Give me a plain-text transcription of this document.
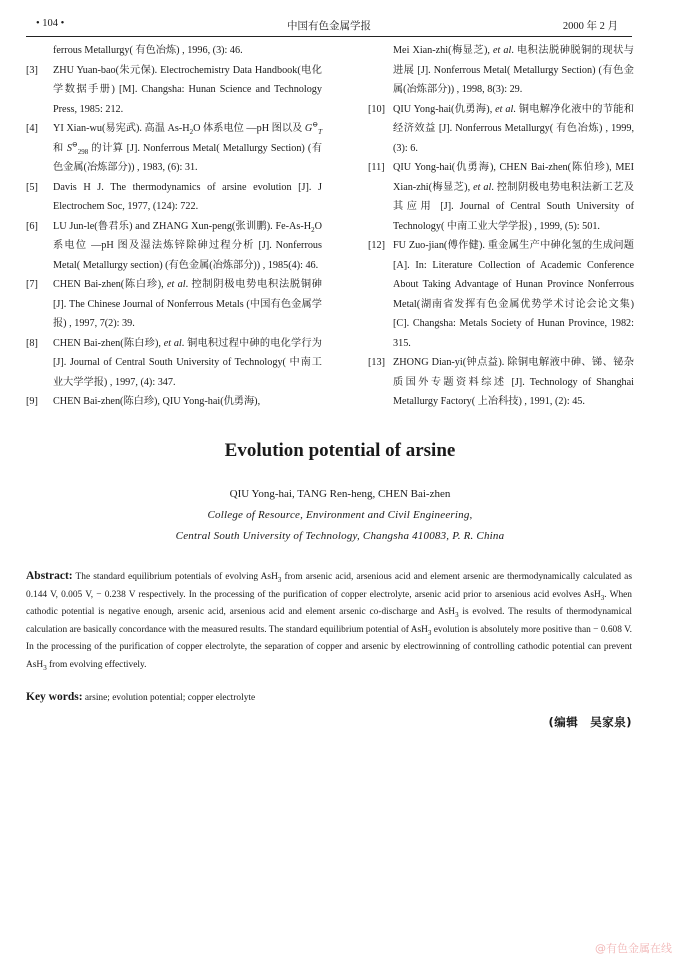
• 104 •	中国有色金属学报	2000 年 2 月
ferrous Metallurgy( 有色冶炼) , 1996, (3): 46.
[3] ZHU Yuan-bao(朱元保). Electrochemistry Data Handbook(电化学数据手册) [M]. Changsha: Hunan Science and Technology Press, 1985: 212.
[4] YI Xian-wu(易宪武). 高温 $As-H_2O$ 体系电位 —pH 图以及 $G^⊖_T$ 和 $S^⊖_{298}$ 的计算 [J]. Nonferrous Metal( Metallurgy Section) (有色金属(冶炼部分)) , 1983, (6): 31.
[5] Davis H J. The thermodynamics of arsine evolution [J]. J Electrochem Soc, 1977, (124): 722.
[6] LU Jun-le(鲁君乐) and ZHANG Xun-peng(张训鹏). $Fe-As-H_2O$ 系电位 —pH 图及湿法炼锌除砷过程分析 [J]. Nonferrous Metal( Metallurgy section) (有色金属(冶炼部分)) , 1985(4): 46.
[7] CHEN Bai-zhen(陈白珍), et al. 控制阴极电势电积法脱铜砷 [J]. The Chinese Journal of Nonferrous Metals (中国有色金属学报) , 1997, 7(2): 39.
[8] CHEN Bai-zhen(陈白珍), et al. 铜电积过程中砷的电化学行为 [J]. Journal of Central South University of Technology( 中南工业大学学报) , 1997, (4): 347.
[9] CHEN Bai-zhen(陈白珍), QIU Yong-hai(仇勇海),
Mei Xian-zhi(梅显芝), et al. 电积法脱砷脱铜的现状与进展 [J]. Nonferrous Metal( Metallurgy Section) (有色金属(冶炼部分)) , 1998, 8(3): 29.
[10] QIU Yong-hai(仇勇海), et al. 铜电解净化液中的节能和经济效益 [J]. Nonferrous Metallurgy( 有色冶炼) , 1999, (3): 6.
[11] QIU Yong-hai(仇勇海), CHEN Bai-zhen(陈伯珍), MEI Xian-zhi(梅显芝), et al. 控制阴极电势电积法新工艺及其应用 [J]. Journal of Central South University of Technology( 中南工业大学学报) , 1999, (5): 501.
[12] FU Zuo-jian(傅作健). 重金属生产中砷化氢的生成问题 [A]. In: Literature Collection of Academic Conference About Taking Advantage of Hunan Province Nonferrous Metal(湖南省发挥有色金属优势学术讨论会论文集) [C]. Changsha: Metals Society of Hunan Province, 1982: 315.
[13] ZHONG Dian-yi(钟点益). 除铜电解液中砷、锑、铋杂质国外专题资料综述 [J]. Technology of Shanghai Metallurgy Factory( 上冶科技) , 1991, (2): 45.
Evolution potential of arsine
QIU Yong-hai, TANG Ren-heng, CHEN Bai-zhen
College of Resource, Environment and Civil Engineering,
Central South University of Technology, Changsha 410083, P. R. China
Abstract: The standard equilibrium potentials of evolving AsH$_3$ from arsenic acid, arsenious acid and element arsenic are thermodynamically calculated as 0.144 V, 0.005 V, − 0.238 V respectively. In the processing of the purification of copper electrolyte, arsenic acid prior to arsenious acid evolves AsH$_3$. When cathodic potential is negative enough, arsenic acid, arsenious acid and element arsenic co-discharge and AsH$_3$ is evolved. The results of thermodynamical calculation are basically concordance with the measured results. The standard equilibrium potential of AsH$_3$ evolution is absolutely more positive than − 0.608 V. In the processing of the purification of copper electrolyte, the separation of copper and arsenic by electrowinning of controlling cathodic potential can prevent AsH$_3$ from evolving effectively.
Key words: arsine; evolution potential; copper electrolyte
(编辑　吴家泉)
@有色金属在线
